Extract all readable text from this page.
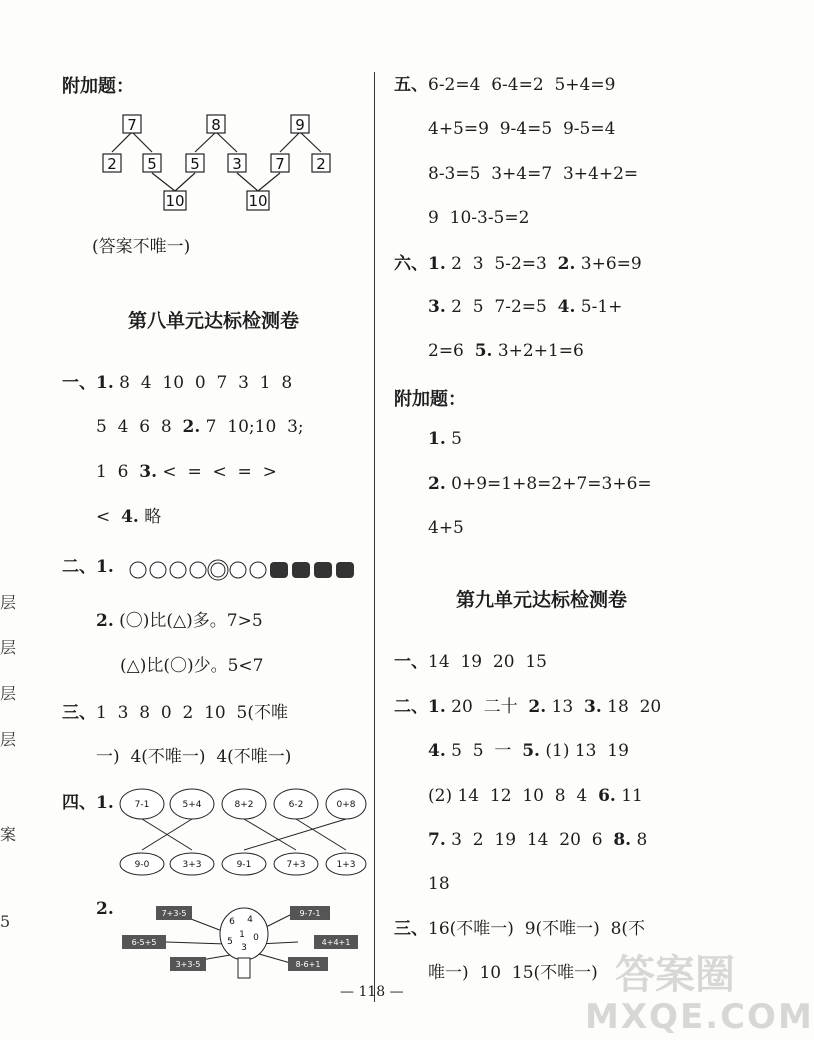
附加题：
7	8	9
2 5 5 3 7 2
10	10
(答案不唯一)
第八单元达标检测卷
一、1. 8  4  10  0  7  3  1  8
5  4  6  8  2. 7  10;10  3;
1  6  3. <  =  <  =  >
<  4. 略
二、1.
2. (〇)比(△)多。7>5
(△)比(〇)少。5<7
三、1  3  8  0  2  10  5(不唯
一)  4(不唯一)  4(不唯一)
四、1. 7-1	5+4	8+2	6-2	0+8
9-0	3+3	9-1	7+3	1+3
2.	7+3-5
6-5+5
3+3-5
9-7-1
4+4+1
8-6+1
6 4
1
5 0
3
层
层
层
层
案
5
五、6-2=4  6-4=2  5+4=9
4+5=9  9-4=5  9-5=4
8-3=5  3+4=7  3+4+2=
9  10-3-5=2
六、1. 2  3  5-2=3  2. 3+6=9
3. 2  5  7-2=5  4. 5-1+
2=6  5. 3+2+1=6
附加题：
1. 5
2. 0+9=1+8=2+7=3+6=
4+5
第九单元达标检测卷
一、14  19  20  15
二、1. 20  二十  2. 13  3. 18  20
4. 5  5  一  5. (1) 13  19
(2) 14  12  10  8  4  6. 11
7. 3  2  19  14  20  6  8. 8
18
三、16(不唯一)  9(不唯一)  8(不
唯一)  10  15(不唯一)
— 118 —	答案圈
MXQE.COM
